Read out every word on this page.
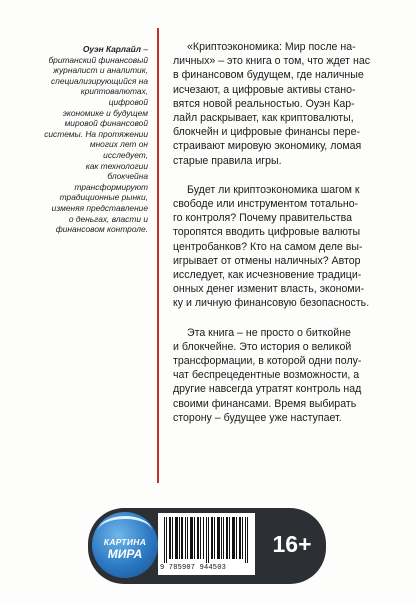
Оуэн Карлайл –
британский финансовый
журналист и аналитик,
специализирующийся на
криптовалютах, цифровой
экономике и будущем
мировой финансовой
системы. На протяжении
многих лет он исследует,
как технологии блокчейна
трансформируют
традиционные рынки,
изменяя представление
о деньгах, власти и
финансовом контроле.

«Криптоэкономика: Мир после на-
личных» – это книга о том, что ждет нас
в финансовом будущем, где наличные
исчезают, а цифровые активы стано-
вятся новой реальностью. Оуэн Кар-
лайл раскрывает, как криптовалюты,
блокчейн и цифровые финансы пере-
страивают мировую экономику, ломая
старые правила игры.

Будет ли криптоэкономика шагом к
свободе или инструментом тотально-
го контроля? Почему правительства
торопятся вводить цифровые валюты
центробанков? Кто на самом деле вы-
игрывает от отмены наличных? Автор
исследует, как исчезновение традици-
онных денег изменит власть, экономи-
ку и личную финансовую безопасность.

Эта книга – не просто о биткойне
и блокчейне. Это история о великой
трансформации, в которой одни полу-
чат беспрецедентные возможности, а
другие навсегда утратят контроль над
своими финансами. Время выбирать
сторону – будущее уже наступает.

КАРТИНА
МИРА
9 785907 944503
16+
